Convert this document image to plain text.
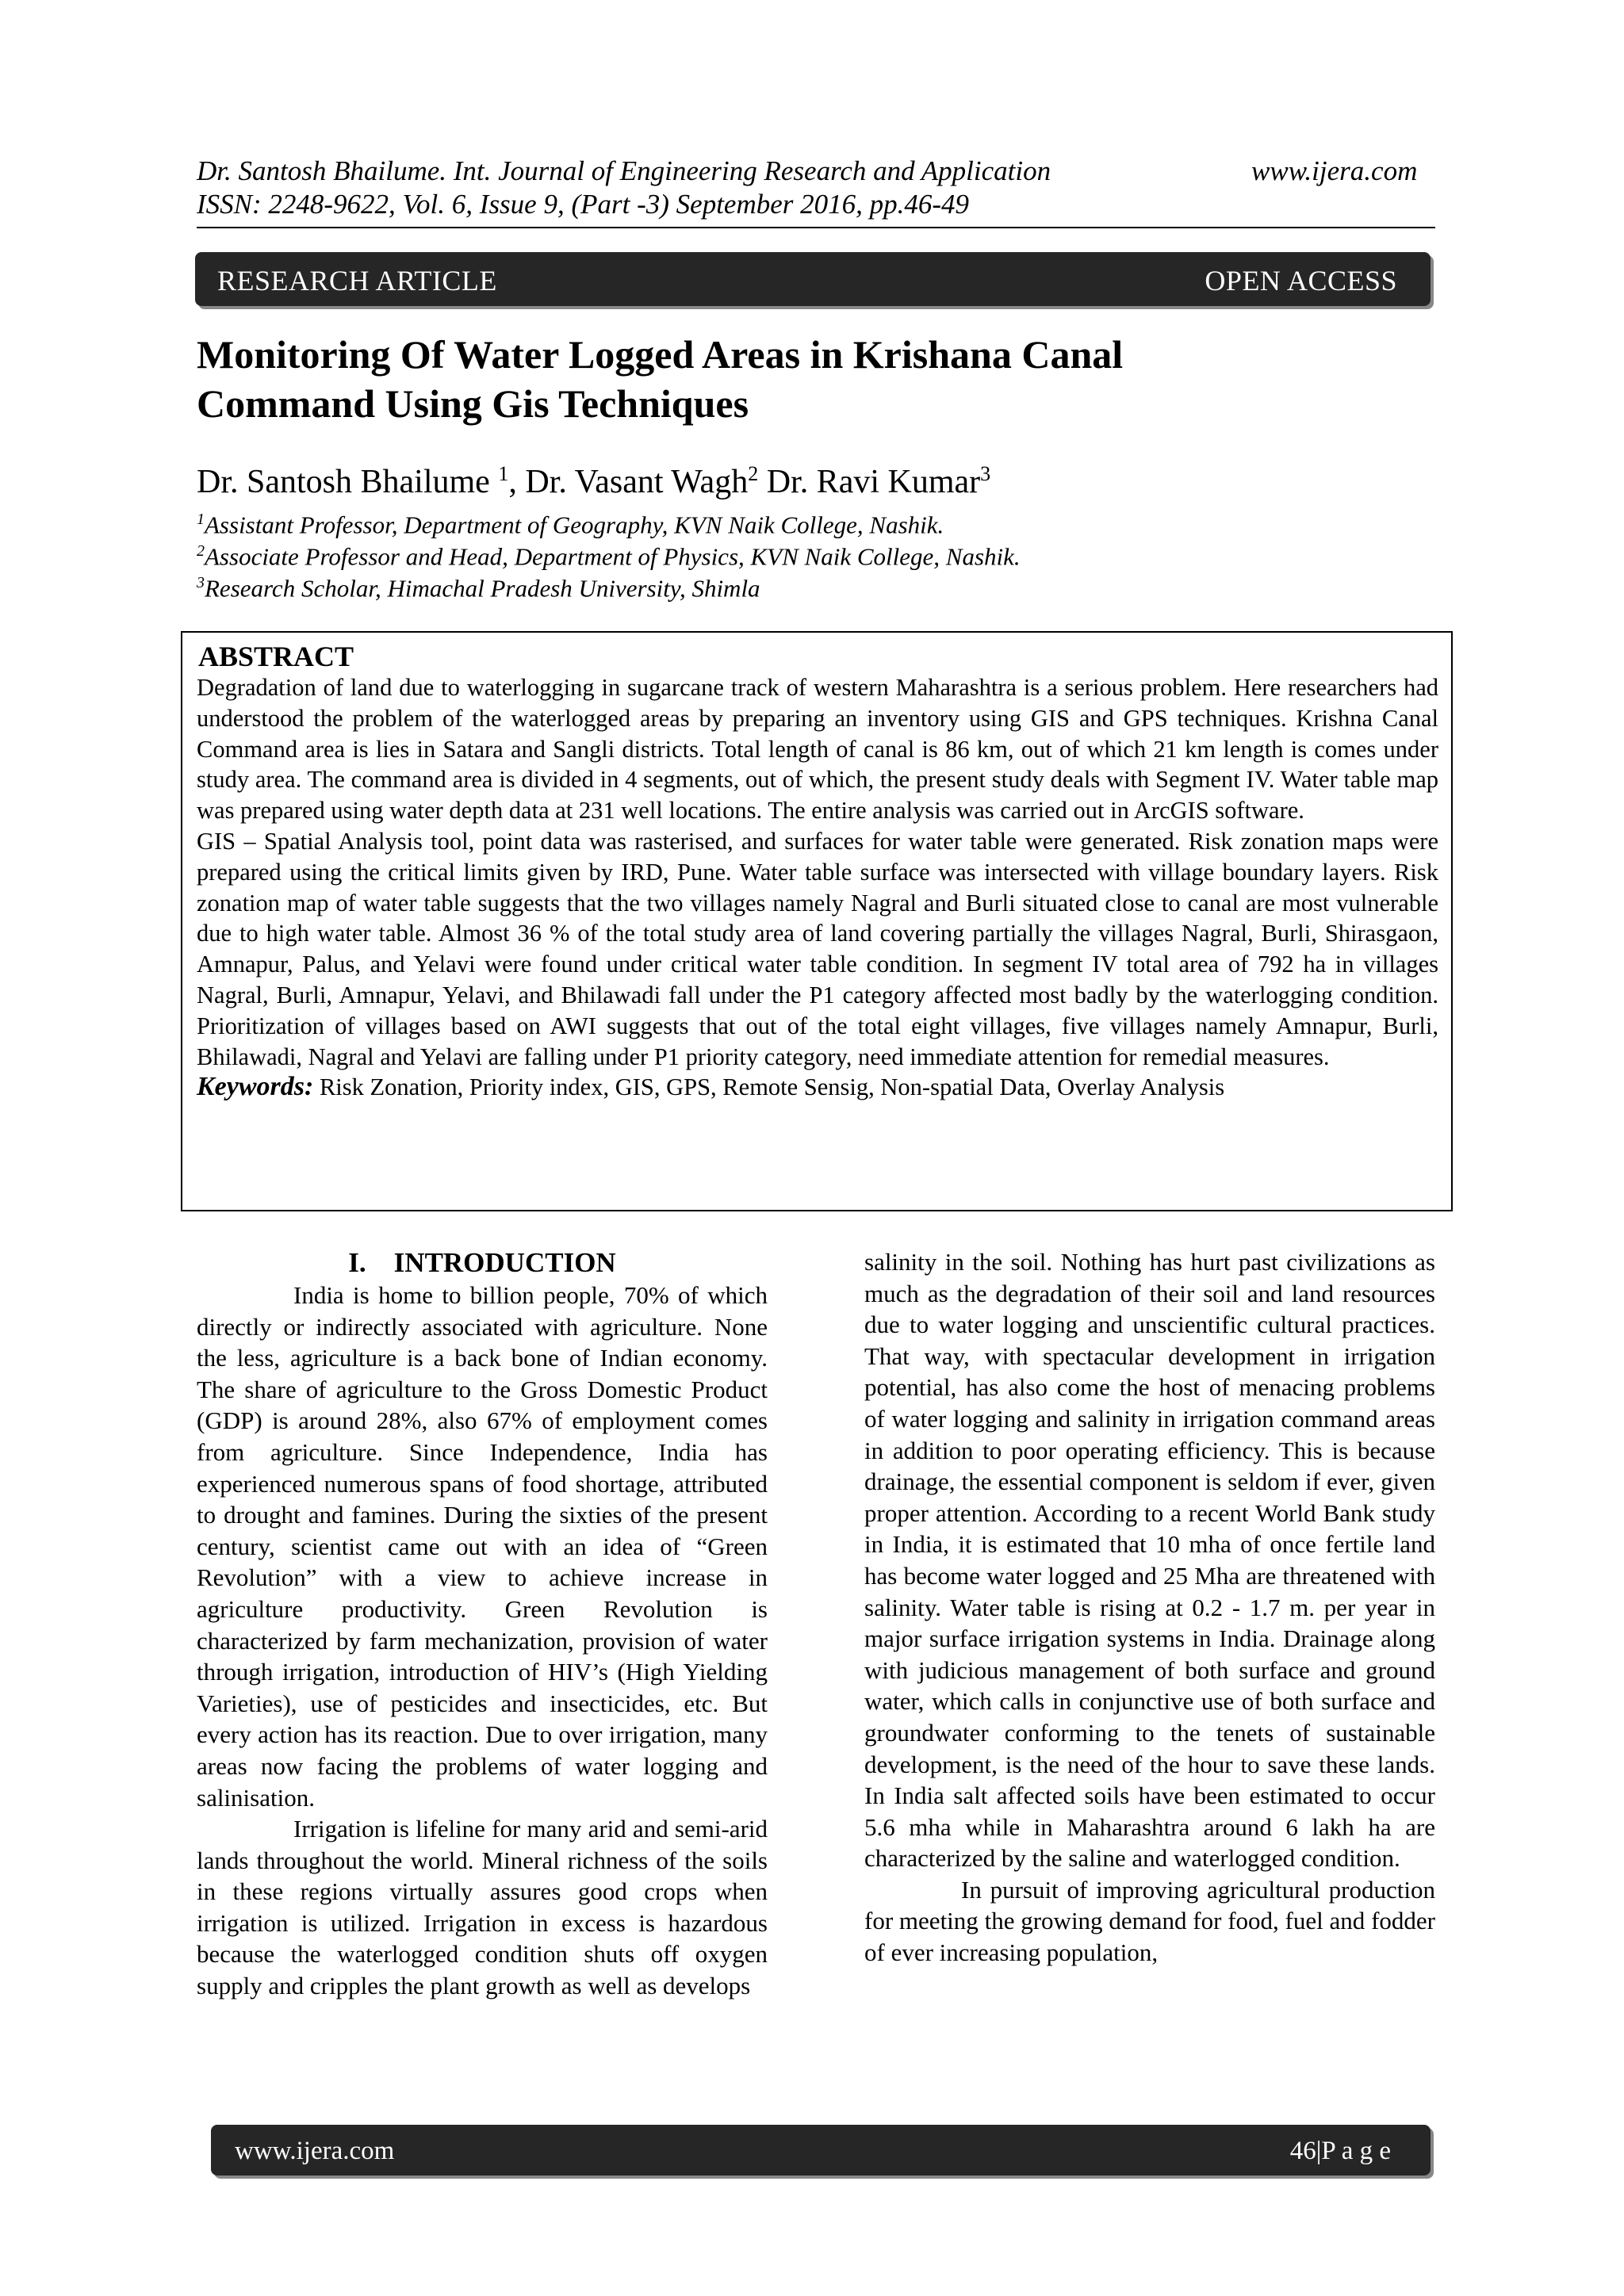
Dr. Santosh Bhailume. Int. Journal of Engineering Research and Application	www.ijera.com
ISSN: 2248-9622, Vol. 6, Issue 9, (Part -3) September 2016, pp.46-49
RESEARCH ARTICLE	OPEN ACCESS
Monitoring Of Water Logged Areas in Krishana Canal
Command Using Gis Techniques
Dr. Santosh Bhailume $^1$, Dr. Vasant Wagh$^2$ Dr. Ravi Kumar$^3$
$^1$Assistant Professor, Department of Geography, KVN Naik College, Nashik.
$^2$Associate Professor and Head, Department of Physics, KVN Naik College, Nashik.
$^3$Research Scholar, Himachal Pradesh University, Shimla
ABSTRACT

Degradation of land due to waterlogging in sugarcane track of western Maharashtra is a serious problem. Here researchers had understood the problem of the waterlogged areas by preparing an inventory using GIS and GPS techniques. Krishna Canal Command area is lies in Satara and Sangli districts. Total length of canal is 86 km, out of which 21 km length is comes under study area. The command area is divided in 4 segments, out of which, the present study deals with Segment IV. Water table map was prepared using water depth data at 231 well locations. The entire analysis was carried out in ArcGIS software.

GIS – Spatial Analysis tool, point data was rasterised, and surfaces for water table were generated. Risk zonation maps were prepared using the critical limits given by IRD, Pune. Water table surface was intersected with village boundary layers. Risk zonation map of water table suggests that the two villages namely Nagral and Burli situated close to canal are most vulnerable due to high water table. Almost 36 % of the total study area of land covering partially the villages Nagral, Burli, Shirasgaon, Amnapur, Palus, and Yelavi were found under critical water table condition. In segment IV total area of 792 ha in villages Nagral, Burli, Amnapur, Yelavi, and Bhilawadi fall under the P1 category affected most badly by the waterlogging condition. Prioritization of villages based on AWI suggests that out of the total eight villages, five villages namely Amnapur, Burli, Bhilawadi, Nagral and Yelavi are falling under P1 priority category, need immediate attention for remedial measures.

Keywords: Risk Zonation, Priority index, GIS, GPS, Remote Sensig, Non-spatial Data, Overlay Analysis

I.    INTRODUCTION

India is home to billion people, 70% of which directly or indirectly associated with agriculture. None the less, agriculture is a back bone of Indian economy. The share of agriculture to the Gross Domestic Product (GDP) is around 28%, also 67% of employment comes from agriculture. Since Independence, India has experienced numerous spans of food shortage, attributed to drought and famines. During the sixties of the present century, scientist came out with an idea of “Green Revolution” with a view to achieve increase in agriculture productivity. Green Revolution is characterized by farm mechanization, provision of water through irrigation, introduction of HIV’s (High Yielding Varieties), use of pesticides and insecticides, etc. But every action has its reaction. Due to over irrigation, many areas now facing the problems of water logging and salinisation.

Irrigation is lifeline for many arid and semi-arid lands throughout the world. Mineral richness of the soils in these regions virtually assures good crops when irrigation is utilized. Irrigation in excess is hazardous because the waterlogged condition shuts off oxygen supply and cripples the plant growth as well as develops

salinity in the soil. Nothing has hurt past civilizations as much as the degradation of their soil and land resources due to water logging and unscientific cultural practices. That way, with spectacular development in irrigation potential, has also come the host of menacing problems of water logging and salinity in irrigation command areas in addition to poor operating efficiency. This is because drainage, the essential component is seldom if ever, given proper attention. According to a recent World Bank study in India, it is estimated that 10 mha of once fertile land has become water logged and 25 Mha are threatened with salinity. Water table is rising at 0.2 - 1.7 m. per year in major surface irrigation systems in India. Drainage along with judicious management of both surface and ground water, which calls in conjunctive use of both surface and groundwater conforming to the tenets of sustainable development, is the need of the hour to save these lands. In India salt affected soils have been estimated to occur 5.6 mha while in Maharashtra around 6 lakh ha are characterized by the saline and waterlogged condition.

In pursuit of improving agricultural production for meeting the growing demand for food, fuel and fodder of ever increasing population,

www.ijera.com	46|P a g e
